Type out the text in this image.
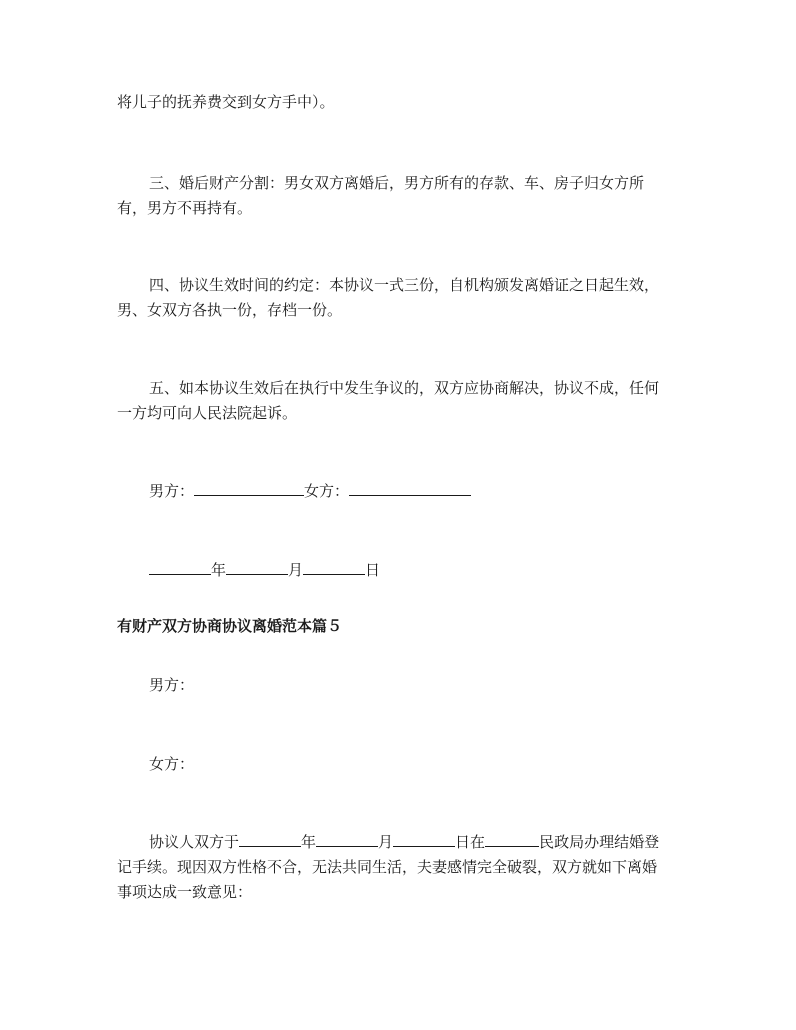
将儿子的抚养费交到女方手中）。
三、婚后财产分割：男女双方离婚后，男方所有的存款、车、房子归女方所
有，男方不再持有。
四、协议生效时间的约定：本协议一式三份，自机构颁发离婚证之日起生效，
男、女双方各执一份，存档一份。
五、如本协议生效后在执行中发生争议的，双方应协商解决，协议不成，任何
一方均可向人民法院起诉。
男方：	女方：
年	月	日
有财产双方协商协议离婚范本篇５
男方：
女方：
协议人双方于	年	月	日在	民政局办理结婚登
记手续。现因双方性格不合，无法共同生活，夫妻感情完全破裂，双方就如下离婚
事项达成一致意见：
